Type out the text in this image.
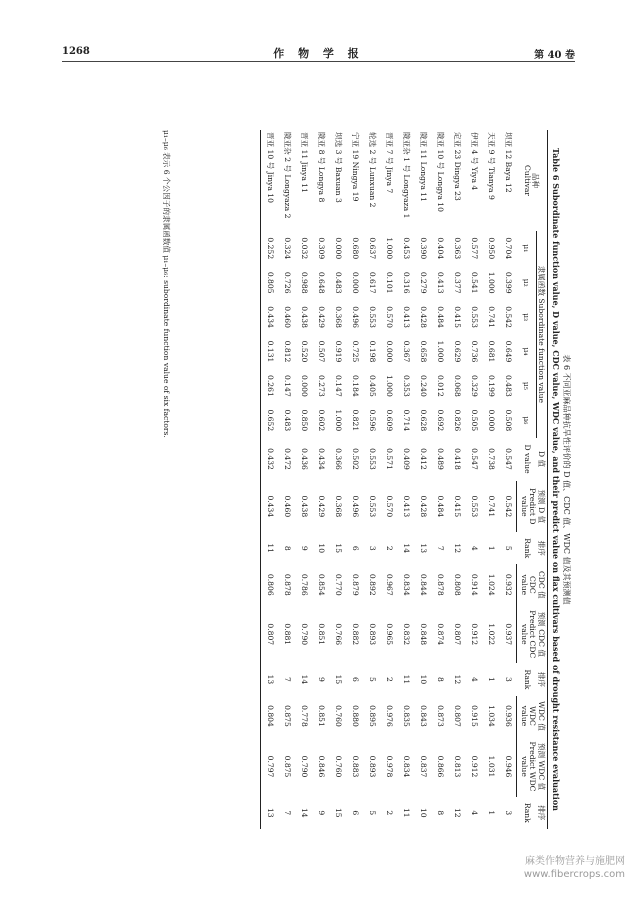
1268	作 物 学 报	第 40 卷
表 6 不同亚麻品种抗旱性评价的 D 值、CDC 值、WDC 值及其预测值
Table 6 Subordinate function value, D value, CDC value, WDC value, and their predict value on flax cultivars based of drought resistance evaluation
品种
Cultivar	隶属函数 Subordinate function value						D 值	预测 D 值	排序	CDC 值	预测 CDC 值	排序	WDC 值	预测 WDC 值	排序
	μ₁	μ₂	μ₃	μ₄	μ₅	μ₆	D value	Predict D	Rank	CDC	Predict CDC	Rank	WDC	Predict WDC	Rank
								value		value	value		value	value	
坝亚 12 Baya 12	0.704	0.399	0.542	0.649	0.483	0.508	0.547	0.542	5	0.932	0.937	3	0.936	0.946	3
天亚 9 号 Tianya 9	0.950	1.000	0.741	0.681	0.199	0.000	0.738	0.741	1	1.024	1.022	1	1.034	1.031	1
伊亚 4 号 Yiya 4	0.577	0.541	0.553	0.736	0.329	0.505	0.547	0.553	4	0.914	0.912	4	0.915	0.912	4
定亚 23 Dingya 23	0.363	0.377	0.415	0.629	0.068	0.826	0.418	0.415	12	0.808	0.807	12	0.807	0.813	12
陇亚 10 号 Longya 10	0.404	0.413	0.484	1.000	0.012	0.692	0.489	0.484	7	0.878	0.874	8	0.873	0.866	8
陇亚 11 Longya 11	0.390	0.279	0.428	0.658	0.240	0.628	0.412	0.428	13	0.844	0.848	10	0.843	0.837	10
陇亚杂 1 号 Longyaza 1	0.453	0.316	0.413	0.367	0.353	0.714	0.409	0.413	14	0.834	0.832	11	0.835	0.834	11
晋亚 7 号 Jinya 7	1.000	0.101	0.570	0.000	1.000	0.609	0.571	0.570	2	0.967	0.965	2	0.976	0.978	2
轮选 2 号 Lunxuan 2	0.637	0.617	0.553	0.198	0.405	0.596	0.553	0.553	3	0.892	0.893	5	0.895	0.893	5
宁亚 19 Ningya 19	0.680	0.000	0.496	0.725	0.184	0.821	0.502	0.496	6	0.879	0.882	6	0.880	0.883	6
坝选 3 号 Baxuan 3	0.000	0.483	0.368	0.919	0.147	1.000	0.366	0.368	15	0.770	0.766	15	0.760	0.760	15
陇亚 8 号 Longya 8	0.309	0.648	0.429	0.507	0.273	0.602	0.434	0.429	10	0.854	0.851	9	0.851	0.846	9
晋亚 11 Jinya 11	0.032	0.988	0.438	0.520	0.000	0.850	0.436	0.438	9	0.786	0.790	14	0.778	0.790	14
陇亚杂 2 号 Longyaza 2	0.324	0.726	0.460	0.812	0.147	0.483	0.472	0.460	8	0.878	0.881	7	0.875	0.875	7
晋亚 10 号 Jinya 10	0.252	0.805	0.434	0.131	0.261	0.652	0.432	0.434	11	0.806	0.807	13	0.804	0.797	13
μ₁–μ₆ 表示 6 个公因子的隶属函数值 μ₁–μ₆: subordinate function value of six factors.
麻类作物营养与施肥网
www.fibercrops.com
